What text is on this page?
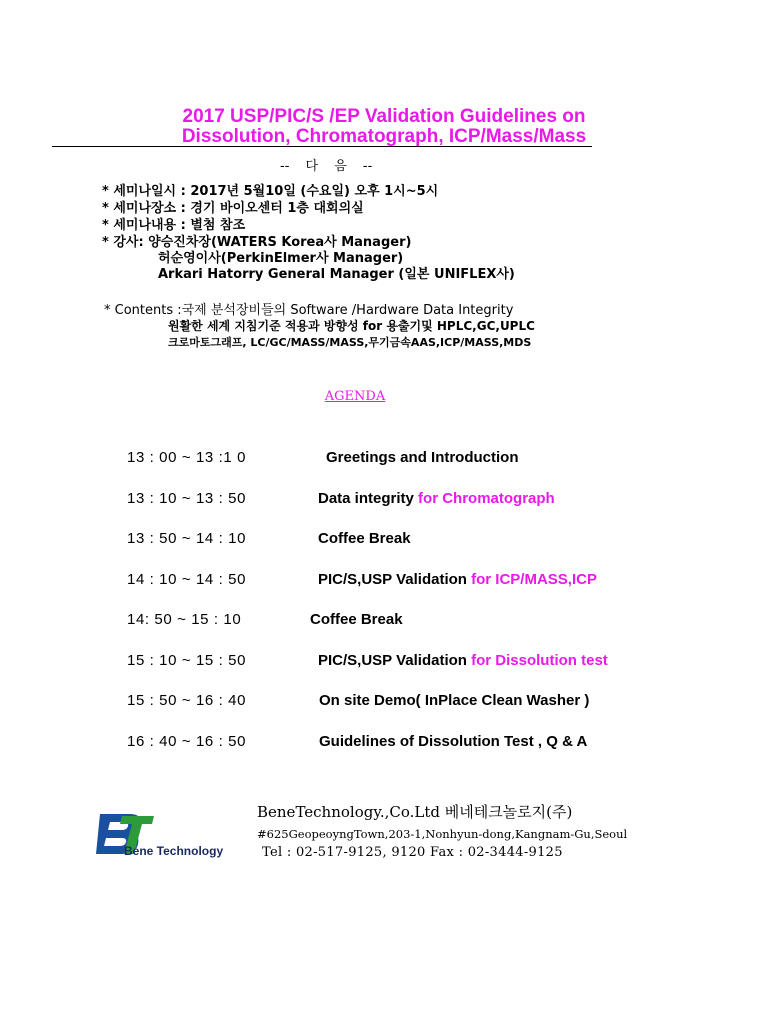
2017 USP/PIC/S /EP Validation Guidelines on
Dissolution, Chromatograph, ICP/Mass/Mass
-- 다 음 --
* 세미나일시 : 2017년 5월10일 (수요일) 오후 1시~5시
* 세미나장소 : 경기 바이오센터 1층 대회의실
* 세미나내용 : 별첨 참조
* 강사: 양승진차장(WATERS Korea사 Manager)
허순영이사(PerkinElmer사 Manager)
Arkari Hatorry General Manager (일본 UNIFLEX사)
* Contents :국제 분석장비들의 Software /Hardware Data Integrity
원활한 세계 지침기준 적용과 방향성 for 용출기및 HPLC,GC,UPLC
크로마토그래프, LC/GC/MASS/MASS,무기금속AAS,ICP/MASS,MDS
AGENDA
13 : 00 ~ 13 :1 0	Greetings and Introduction
13 : 10 ~ 13 : 50	Data integrity for Chromatograph
13 : 50 ~ 14 : 10	Coffee Break
14 : 10 ~ 14 : 50	PIC/S,USP Validation for ICP/MASS,ICP
14: 50 ~ 15 : 10	Coffee Break
15 : 10 ~ 15 : 50	PIC/S,USP Validation for Dissolution test
15 : 50 ~ 16 : 40	On site Demo( InPlace Clean Washer )
16 : 40 ~ 16 : 50	Guidelines of Dissolution Test , Q & A
Bene Technology
BeneTechnology.,Co.Ltd 베네테크놀로지(주)
#625GeopeoyngTown,203-1,Nonhyun-dong,Kangnam-Gu,Seoul
Tel : 02-517-9125, 9120 Fax : 02-3444-9125
